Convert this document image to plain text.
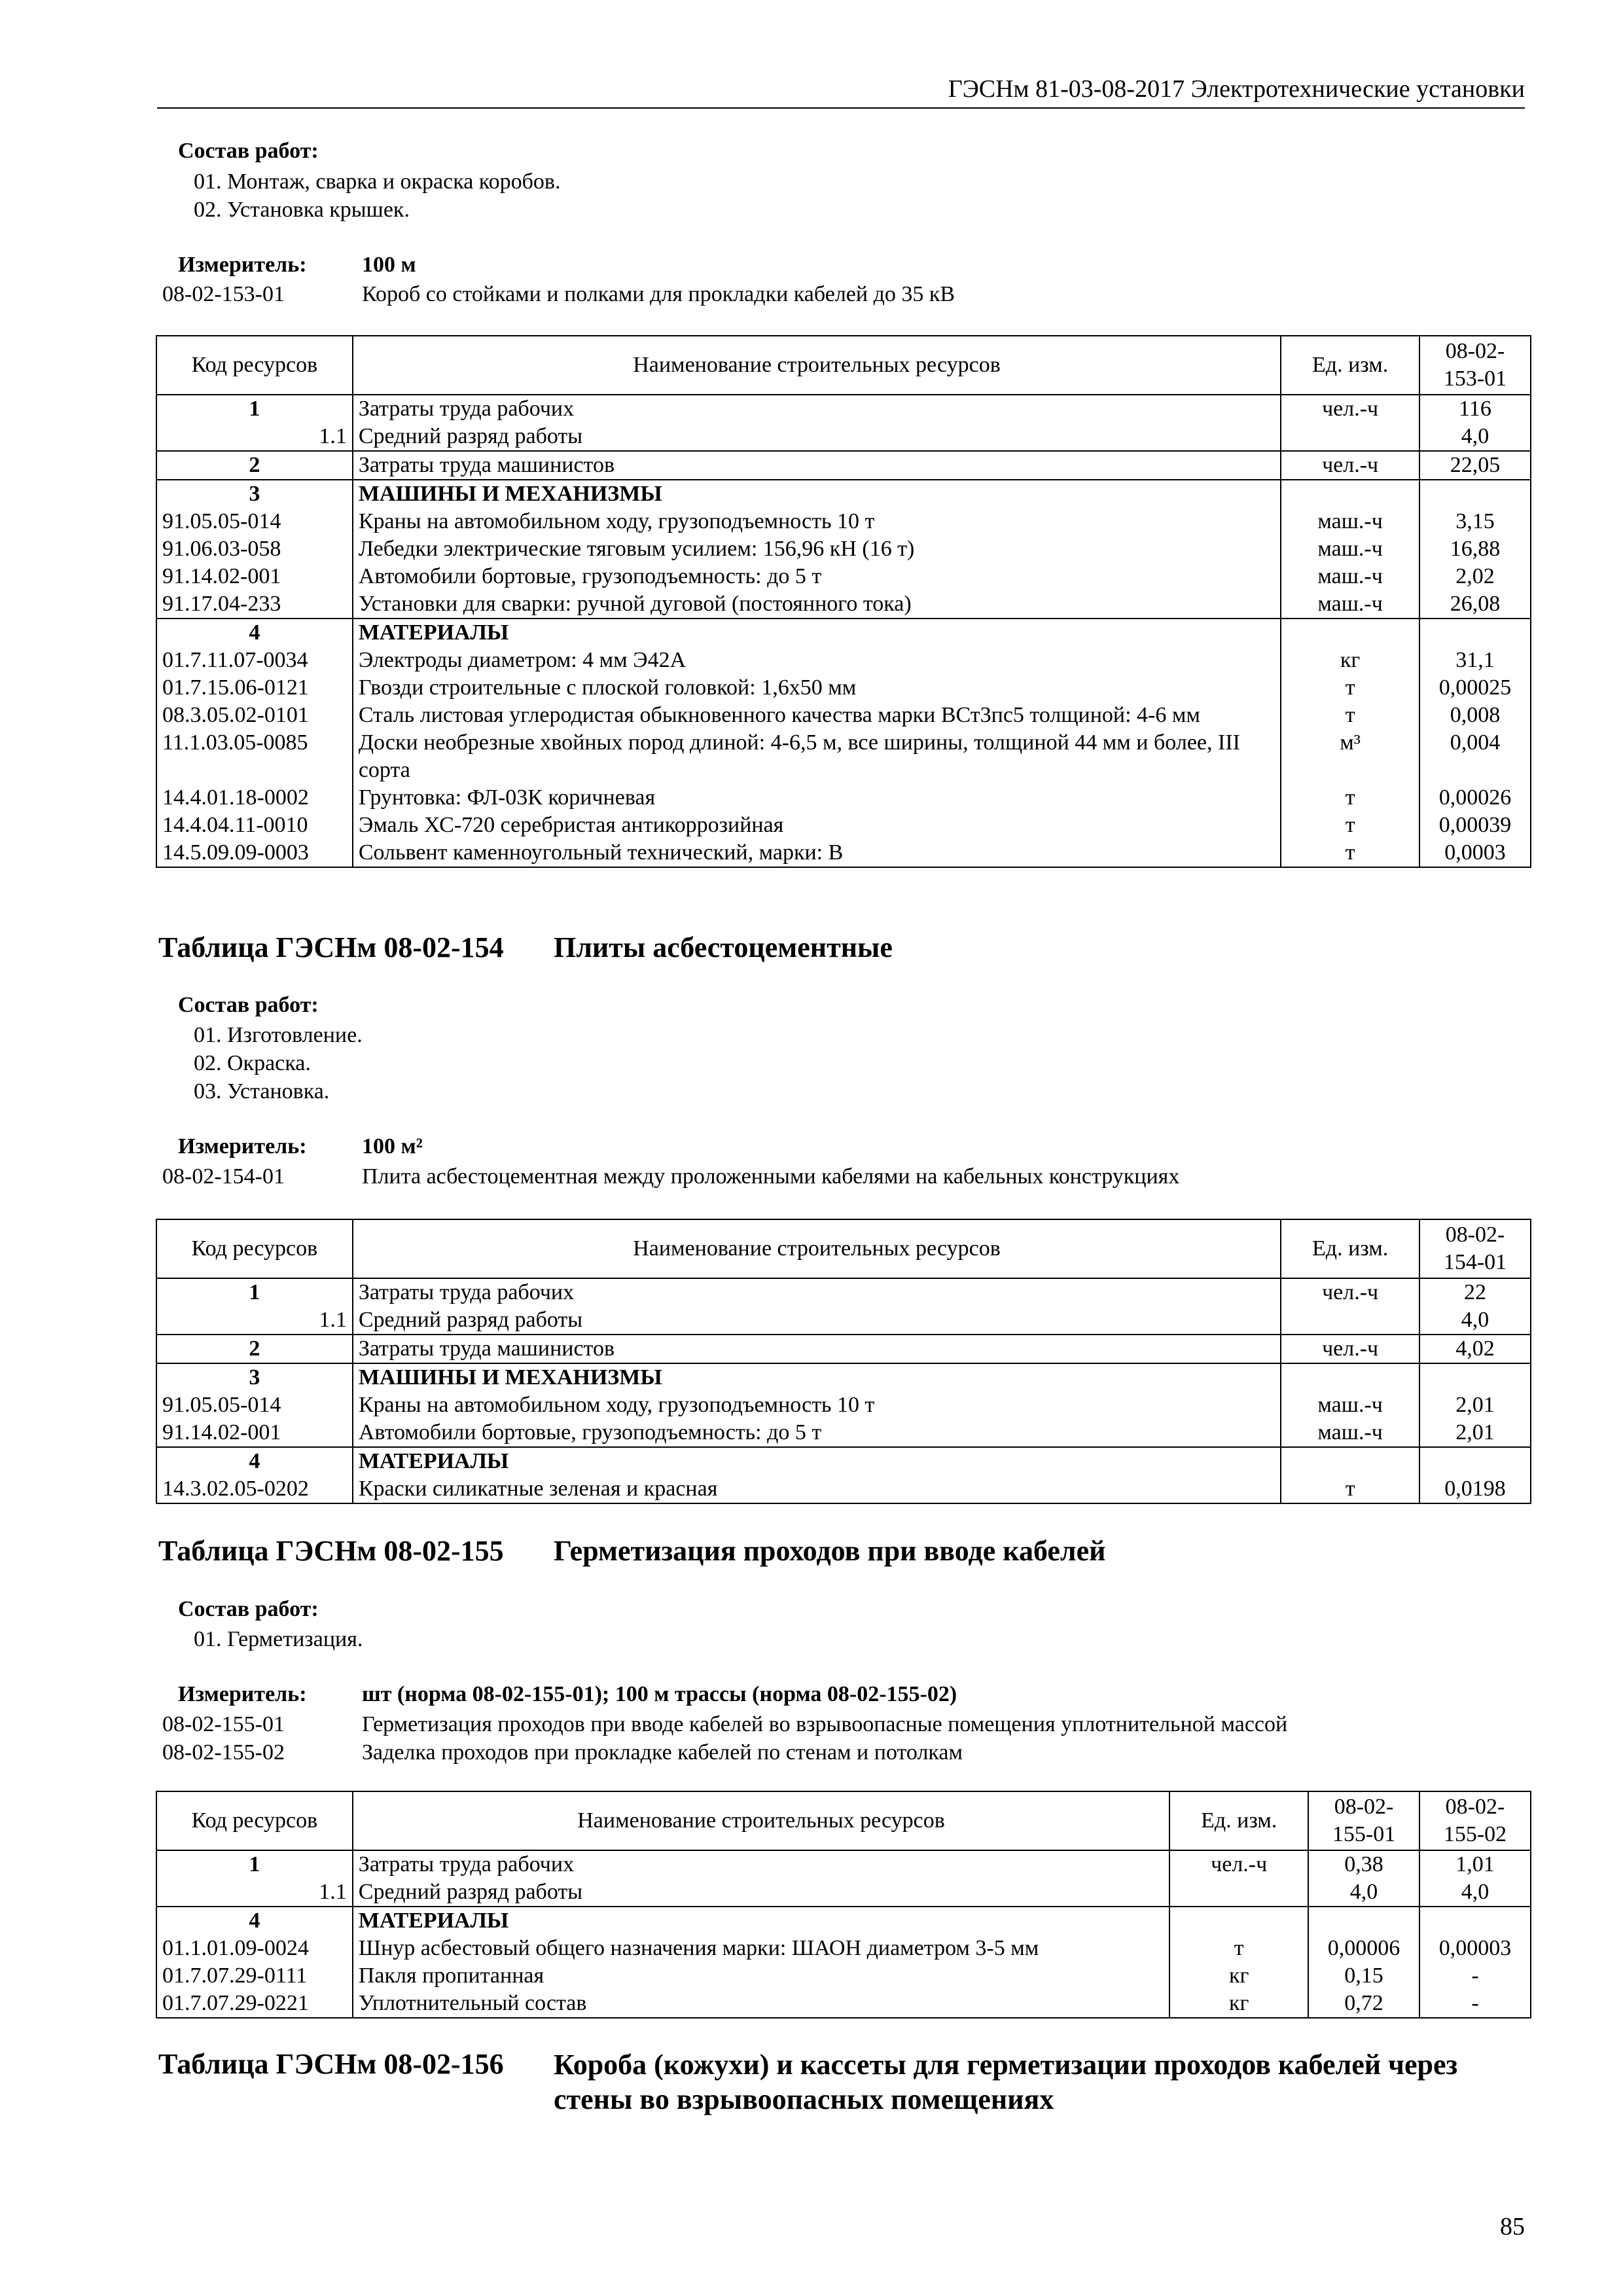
ГЭСНм 81-03-08-2017 Электротехнические установки
Состав работ:
01. Монтаж, сварка и окраска коробов.
02. Установка крышек.
Измеритель: 100 м
08-02-153-01	Короб со стойками и полками для прокладки кабелей до 35 кВ
Код ресурсов	Наименование строительных ресурсов	Ед. изм.	08-02-
153-01
1	Затраты труда рабочих	чел.-ч	116
1.1	Средний разряд работы		4,0
2	Затраты труда машинистов	чел.-ч	22,05
3	МАШИНЫ И МЕХАНИЗМЫ		
91.05.05-014	Краны на автомобильном ходу, грузоподъемность 10 т	маш.-ч	3,15
91.06.03-058	Лебедки электрические тяговым усилием: 156,96 кН (16 т)	маш.-ч	16,88
91.14.02-001	Автомобили бортовые, грузоподъемность: до 5 т	маш.-ч	2,02
91.17.04-233	Установки для сварки: ручной дуговой (постоянного тока)	маш.-ч	26,08
4	МАТЕРИАЛЫ		
01.7.11.07-0034	Электроды диаметром: 4 мм Э42А	кг	31,1
01.7.15.06-0121	Гвозди строительные с плоской головкой: 1,6х50 мм	т	0,00025
08.3.05.02-0101	Сталь листовая углеродистая обыкновенного качества марки ВСт3пс5 толщиной: 4-6 мм	т	0,008
11.1.03.05-0085	Доски необрезные хвойных пород длиной: 4-6,5 м, все ширины, толщиной 44 мм и более, III сорта	м³	0,004
14.4.01.18-0002	Грунтовка: ФЛ-03К коричневая	т	0,00026
14.4.04.11-0010	Эмаль ХС-720 серебристая антикоррозийная	т	0,00039
14.5.09.09-0003	Сольвент каменноугольный технический, марки: В	т	0,0003
Таблица ГЭСНм 08-02-154 Плиты асбестоцементные
Состав работ:
01. Изготовление.
02. Окраска.
03. Установка.
Измеритель: 100 м²
08-02-154-01	Плита асбестоцементная между проложенными кабелями на кабельных конструкциях
Код ресурсов	Наименование строительных ресурсов	Ед. изм.	08-02-
154-01
1	Затраты труда рабочих	чел.-ч	22
1.1	Средний разряд работы		4,0
2	Затраты труда машинистов	чел.-ч	4,02
3	МАШИНЫ И МЕХАНИЗМЫ		
91.05.05-014	Краны на автомобильном ходу, грузоподъемность 10 т	маш.-ч	2,01
91.14.02-001	Автомобили бортовые, грузоподъемность: до 5 т	маш.-ч	2,01
4	МАТЕРИАЛЫ		
14.3.02.05-0202	Краски силикатные зеленая и красная	т	0,0198
Таблица ГЭСНм 08-02-155 Герметизация проходов при вводе кабелей
Состав работ:
01. Герметизация.
Измеритель: шт (норма 08-02-155-01); 100 м трассы (норма 08-02-155-02)
08-02-155-01	Герметизация проходов при вводе кабелей во взрывоопасные помещения уплотнительной массой
08-02-155-02	Заделка проходов при прокладке кабелей по стенам и потолкам
Код ресурсов	Наименование строительных ресурсов	Ед. изм.	08-02-
155-01	08-02-
155-02
1	Затраты труда рабочих	чел.-ч	0,38	1,01
1.1	Средний разряд работы		4,0	4,0
4	МАТЕРИАЛЫ			
01.1.01.09-0024	Шнур асбестовый общего назначения марки: ШАОН диаметром 3-5 мм	т	0,00006	0,00003
01.7.07.29-0111	Пакля пропитанная	кг	0,15	-
01.7.07.29-0221	Уплотнительный состав	кг	0,72	-
Таблица ГЭСНм 08-02-156 Короба (кожухи) и кассеты для герметизации проходов кабелей через
стены во взрывоопасных помещениях
85
